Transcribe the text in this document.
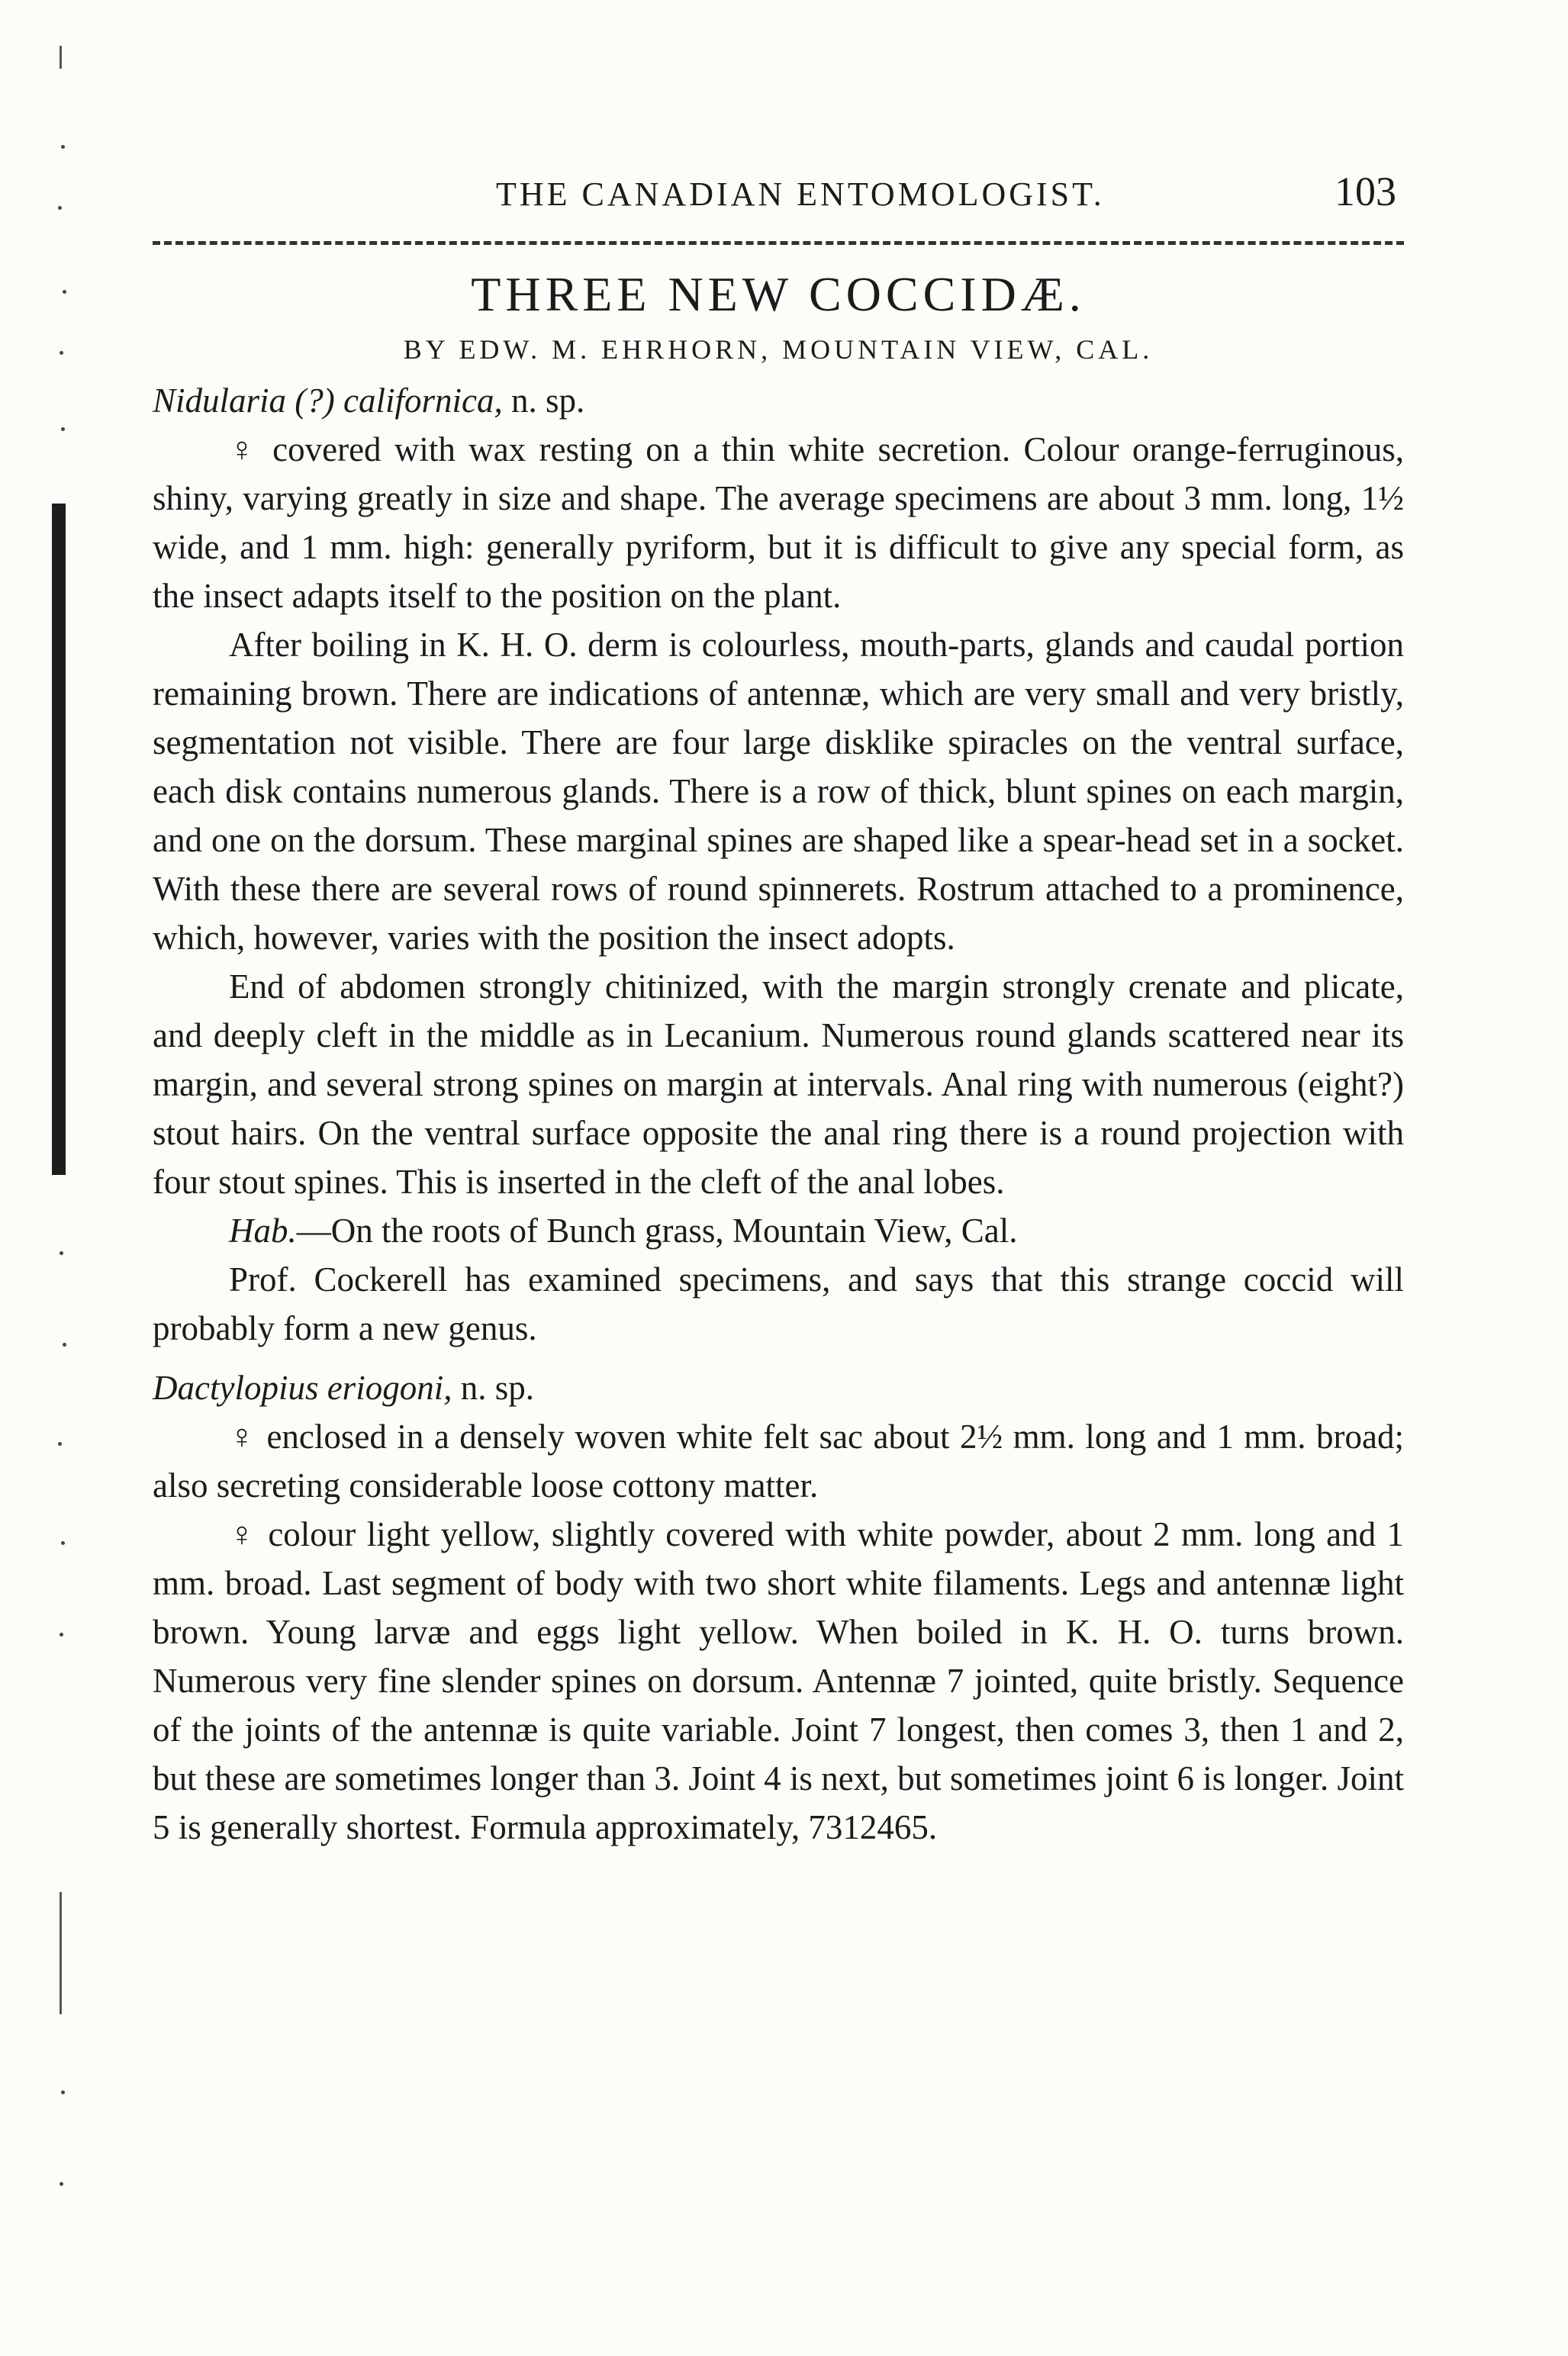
THE CANADIAN ENTOMOLOGIST.	103
THREE NEW COCCIDÆ.
BY EDW. M. EHRHORN, MOUNTAIN VIEW, CAL.
Nidularia (?) californica, n. sp.

♀ covered with wax resting on a thin white secretion. Colour orange-ferruginous, shiny, varying greatly in size and shape. The average specimens are about 3 mm. long, 1½ wide, and 1 mm. high: generally pyriform, but it is difficult to give any special form, as the insect adapts itself to the position on the plant.

After boiling in K. H. O. derm is colourless, mouth-parts, glands and caudal portion remaining brown. There are indications of antennæ, which are very small and very bristly, segmentation not visible. There are four large disklike spiracles on the ventral surface, each disk contains numerous glands. There is a row of thick, blunt spines on each margin, and one on the dorsum. These marginal spines are shaped like a spear-head set in a socket. With these there are several rows of round spinnerets. Rostrum attached to a prominence, which, however, varies with the position the insect adopts.

End of abdomen strongly chitinized, with the margin strongly crenate and plicate, and deeply cleft in the middle as in Lecanium. Numerous round glands scattered near its margin, and several strong spines on margin at intervals. Anal ring with numerous (eight?) stout hairs. On the ventral surface opposite the anal ring there is a round projection with four stout spines. This is inserted in the cleft of the anal lobes.

Hab.—On the roots of Bunch grass, Mountain View, Cal.

Prof. Cockerell has examined specimens, and says that this strange coccid will probably form a new genus.

Dactylopius eriogoni, n. sp.

♀ enclosed in a densely woven white felt sac about 2½ mm. long and 1 mm. broad; also secreting considerable loose cottony matter.

♀ colour light yellow, slightly covered with white powder, about 2 mm. long and 1 mm. broad. Last segment of body with two short white filaments. Legs and antennæ light brown. Young larvæ and eggs light yellow. When boiled in K. H. O. turns brown. Numerous very fine slender spines on dorsum. Antennæ 7 jointed, quite bristly. Sequence of the joints of the antennæ is quite variable. Joint 7 longest, then comes 3, then 1 and 2, but these are sometimes longer than 3. Joint 4 is next, but sometimes joint 6 is longer. Joint 5 is generally shortest. Formula approximately, 7312465.
